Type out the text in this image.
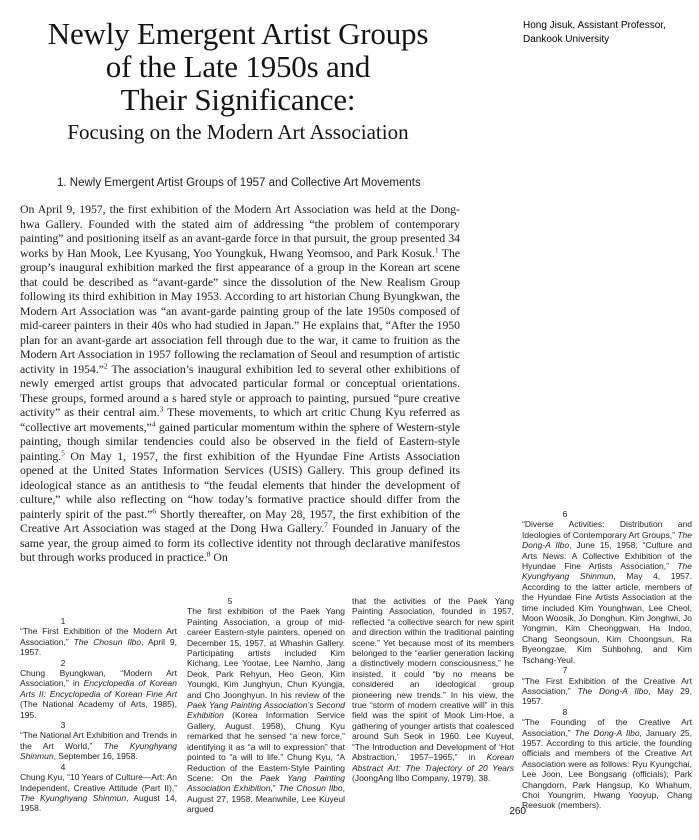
Hong Jisuk, Assistant Professor,
Dankook University
Newly Emergent Artist Groups
of the Late 1950s and
Their Significance:
Focusing on the Modern Art Association
1. Newly Emergent Artist Groups of 1957 and Collective Art Movements
On April 9, 1957, the first exhibition of the Modern Art Association was held at the Dong-hwa Gallery. Founded with the stated aim of addressing “the problem of contemporary painting” and positioning itself as an avant-garde force in that pursuit, the group presented 34 works by Han Mook, Lee Kyusang, Yoo Youngkuk, Hwang Yeomsoo, and Park Kosuk.$^1$ The group’s inaugural exhibition marked the first appearance of a group in the Korean art scene that could be described as “avant-garde” since the dissolution of the New Realism Group following its third exhibition in May 1953. According to art historian Chung Byungkwan, the Modern Art Association was “an avant-garde painting group of the late 1950s composed of mid-career painters in their 40s who had studied in Japan.” He explains that, “After the 1950 plan for an avant-garde art association fell through due to the war, it came to fruition as the Modern Art Association in 1957 following the reclamation of Seoul and resumption of artistic activity in 1954.”$^2$ The association’s inaugural exhibition led to several other exhibitions of newly emerged artist groups that advocated particular formal or conceptual orientations. These groups, formed around a s hared style or approach to painting, pursued “pure creative activity” as their central aim.$^3$ These movements, to which art critic Chung Kyu referred as “collective art movements,”$^4$ gained particular momentum within the sphere of Western-style painting, though similar tendencies could also be observed in the field of Eastern-style painting.$^5$ On May 1, 1957, the first exhibition of the Hyundae Fine Artists Association opened at the United States Information Services (USIS) Gallery. This group defined its ideological stance as an antithesis to “the feudal elements that hinder the development of culture,” while also reflecting on “how today’s formative practice should differ from the painterly spirit of the past.”$^6$ Shortly thereafter, on May 28, 1957, the first exhibition of the Creative Art Association was staged at the Dong Hwa Gallery.$^7$ Founded in January of the same year, the group aimed to form its collective identity not through declarative manifestos but through works produced in practice.$^8$ On
6
“Diverse Activities: Distribution and Ideologies of Contemporary Art Groups,” The Dong-A Ilbo, June 15, 1958; “Culture and Arts News: A Collective Exhibition of the Hyundae Fine Artists Association,” The Kyunghyang Shinmun, May 4, 1957. According to the latter article, members of the Hyundae Fine Artists Association at the time included Kim Younghwan, Lee Cheol, Moon Woosik, Jo Donghun, Kim Jonghwi, Jo Yongmin, Kim Cheonggwan, Ha Indoo, Chang Seongsoun, Kim Choongsun, Ra Byeongzae, Kim Suhbohng, and Kim Tschang-Yeul.
7
“The First Exhibition of the Creative Art Association,” The Dong-A Ilbo, May 29, 1957.
8
“The Founding of the Creative Art Association,” The Dong-A Ilbo, January 25, 1957. According to this article, the founding officials and members of the Creative Art Association were as follows: Ryu Kyungchai, Lee Joon, Lee Bongsang (officials); Park Changdorn, Park Hangsup, Ko Whahum, Choi Youngrim, Hwang Yooyup, Chang Reesuok (members).
1
“The First Exhibition of the Modern Art Association,” The Chosun Ilbo, April 9, 1957.
2
Chung Byungkwan, “Modern Art Association,” in Encyclopedia of Korean Arts II: Encyclopedia of Korean Fine Art (The National Academy of Arts, 1985), 195.
3
“The National Art Exhibition and Trends in the Art World,” The Kyunghyang Shinmun, September 16, 1958.
4
Chung Kyu, “10 Years of Culture—Art: An Independent, Creative Attitude (Part II),” The Kyunghyang Shinmun, August 14, 1958.
5
The first exhibition of the Paek Yang Painting Association, a group of mid-career Eastern-style painters, opened on December 15, 1957, at Whashin Gallery. Participating artists included Kim Kichang, Lee Yootae, Lee Namho, Jang Deok, Park Rehyun, Heo Geon, Kim Youngki, Kim Junghyun, Chun Kyungja, and Cho Joonghyun. In his review of the Paek Yang Painting Association’s Second Exhibition (Korea Information Service Gallery, August 1958), Chung Kyu remarked that he sensed “a new force,” identifying it as “a will to expression” that pointed to “a will to life.” Chung Kyu, “A Reduction of the Eastern-Style Painting Scene: On the Paek Yang Painting Association Exhibition,” The Chosun Ilbo, August 27, 1958. Meanwhile, Lee Kuyeul argued
that the activities of the Paek Yang Painting Association, founded in 1957, reflected “a collective search for new spirit and direction within the traditional painting scene.” Yet because most of its members belonged to the “earlier generation lacking a distinctively modern consciousness,” he insisted, it could “by no means be considered an ideological group pioneering new trends.” In his view, the true “storm of modern creative will” in this field was the spirit of Mook Lim-Hoe, a gathering of younger artists that coalesced around Suh Seok in 1960. Lee Kuyeul, “The Introduction and Development of ‘Hot Abstraction,’ 1957–1965,” in Korean Abstract Art: The Trajectory of 20 Years (JoongAng Ilbo Company, 1979), 38.
260
